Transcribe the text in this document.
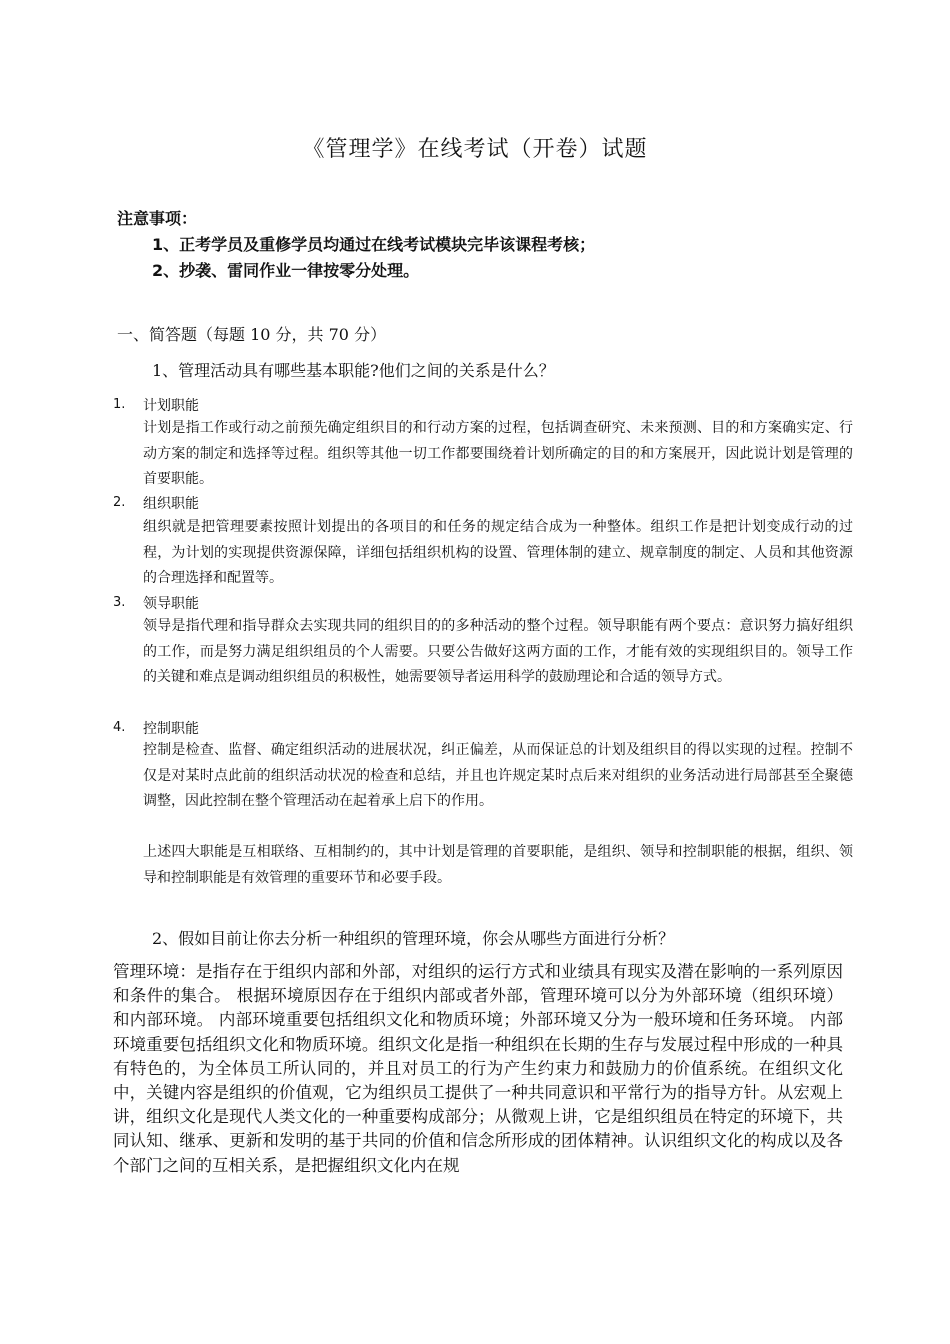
《管理学》在线考试（开卷）试题
注意事项：
1、正考学员及重修学员均通过在线考试模块完毕该课程考核；
2、抄袭、雷同作业一律按零分处理。
一、简答题（每题 10 分，共 70 分）
1、管理活动具有哪些基本职能?他们之间的关系是什么？
1. 计划职能
计划是指工作或行动之前预先确定组织目的和行动方案的过程，包括调查研究、未来预测、目的和方案确实定、行动方案的制定和选择等过程。组织等其他一切工作都要围绕着计划所确定的目的和方案展开，因此说计划是管理的首要职能。
2. 组织职能
组织就是把管理要素按照计划提出的各项目的和任务的规定结合成为一种整体。组织工作是把计划变成行动的过程，为计划的实现提供资源保障，详细包括组织机构的设置、管理体制的建立、规章制度的制定、人员和其他资源的合理选择和配置等。
3. 领导职能
领导是指代理和指导群众去实现共同的组织目的的多种活动的整个过程。领导职能有两个要点：意识努力搞好组织的工作，而是努力满足组织组员的个人需要。只要公告做好这两方面的工作，才能有效的实现组织目的。领导工作的关键和难点是调动组织组员的积极性，她需要领导者运用科学的鼓励理论和合适的领导方式。
4. 控制职能
控制是检查、监督、确定组织活动的进展状况，纠正偏差，从而保证总的计划及组织目的得以实现的过程。控制不仅是对某时点此前的组织活动状况的检查和总结，并且也许规定某时点后来对组织的业务活动进行局部甚至全聚德调整，因此控制在整个管理活动在起着承上启下的作用。
上述四大职能是互相联络、互相制约的，其中计划是管理的首要职能，是组织、领导和控制职能的根据，组织、领导和控制职能是有效管理的重要环节和必要手段。
2、假如目前让你去分析一种组织的管理环境，你会从哪些方面进行分析？
管理环境：是指存在于组织内部和外部，对组织的运行方式和业绩具有现实及潜在影响的一系列原因和条件的集合。 根据环境原因存在于组织内部或者外部，管理环境可以分为外部环境（组织环境）和内部环境。 内部环境重要包括组织文化和物质环境；外部环境又分为一般环境和任务环境。 内部环境重要包括组织文化和物质环境。组织文化是指一种组织在长期的生存与发展过程中形成的一种具有特色的，为全体员工所认同的，并且对员工的行为产生约束力和鼓励力的价值系统。在组织文化中，关键内容是组织的价值观，它为组织员工提供了一种共同意识和平常行为的指导方针。从宏观上讲，组织文化是现代人类文化的一种重要构成部分；从微观上讲，它是组织组员在特定的环境下，共同认知、继承、更新和发明的基于共同的价值和信念所形成的团体精神。认识组织文化的构成以及各个部门之间的互相关系，是把握组织文化内在规
